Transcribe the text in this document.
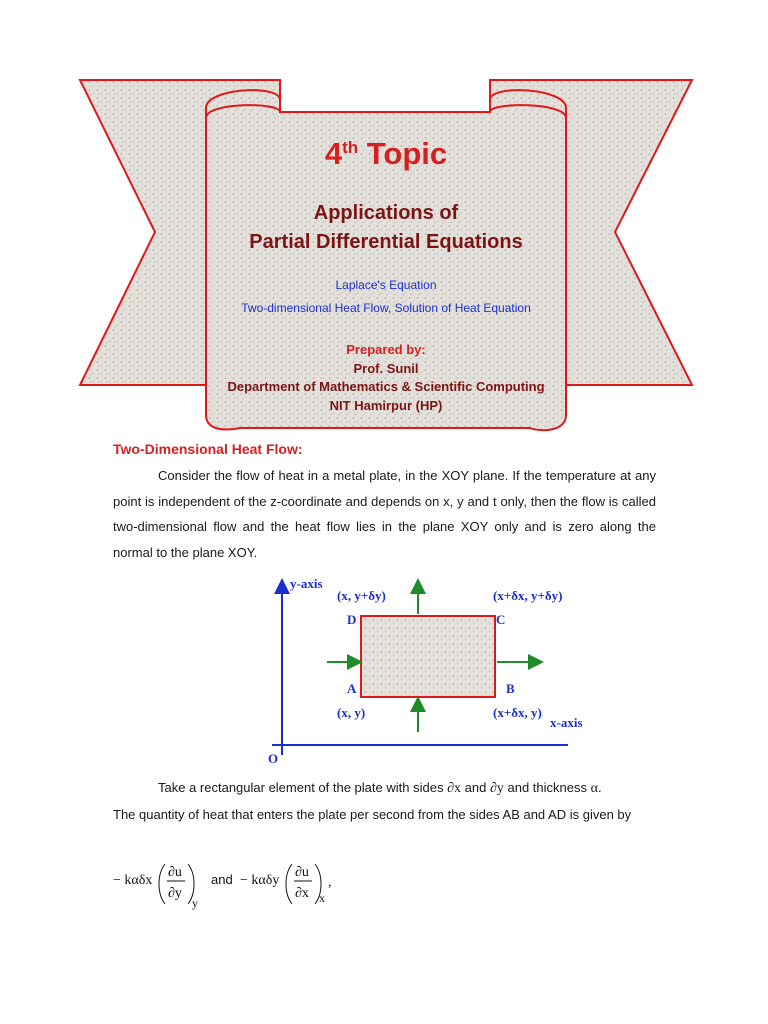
4th Topic
Applications of
Partial Differential Equations
Laplace's Equation
Two-dimensional Heat Flow, Solution of Heat Equation
Prepared by:
Prof. Sunil
Department of Mathematics & Scientific Computing
NIT Hamirpur (HP)
Two-Dimensional Heat Flow:
Consider the flow of heat in a metal plate, in the XOY plane. If the temperature at any point is independent of the z-coordinate and depends on x, y and t only, then the flow is called two-dimensional flow and the heat flow lies in the plane XOY only and is zero along the normal to the plane XOY.
y-axis
x-axis
O
(x, y+δy)	(x+δx, y+δy)
(x, y)	(x+δx, y)
D	C
A	B
Take a rectangular element of the plate with sides ∂x and ∂y and thickness α.
The quantity of heat that enters the plate per second from the sides AB and AD is given by
− kαδx
∂u
∂y
y
and − kαδy
∂u
∂x x
,
